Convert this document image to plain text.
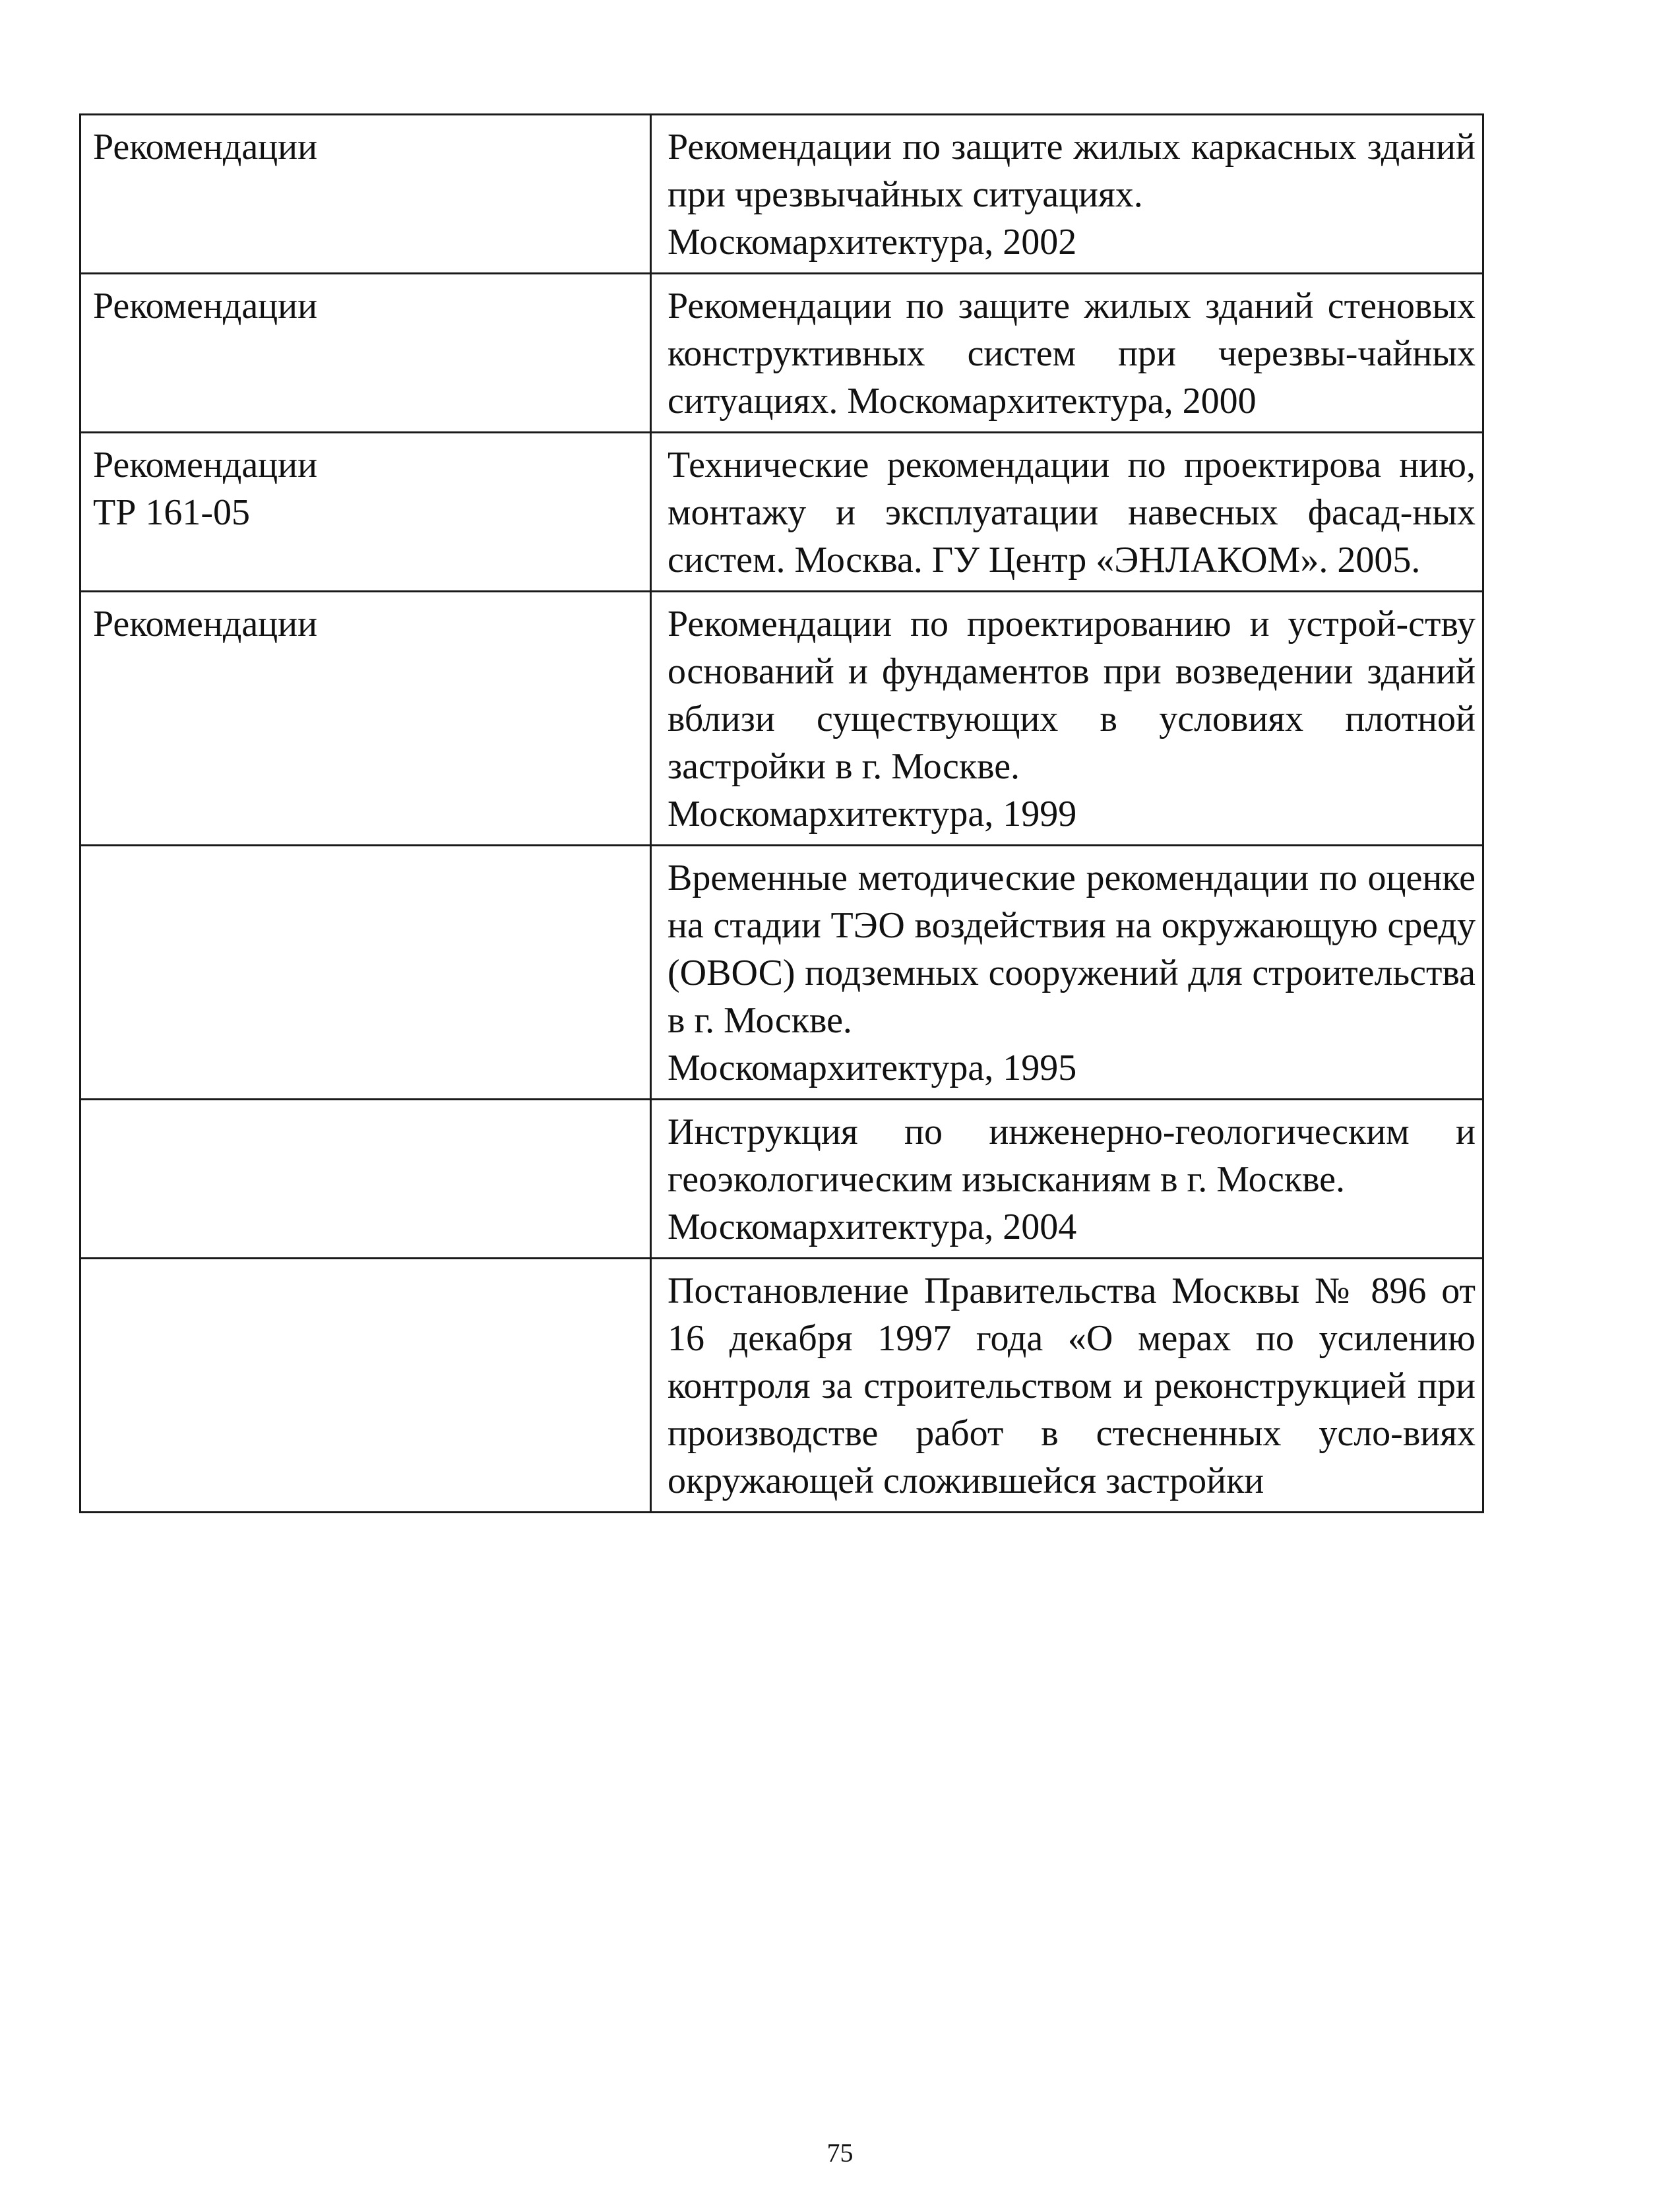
Рекомендации	Рекомендации по защите жилых каркасных зданий при чрезвычайных ситуациях.
Москомархитектура, 2002

Рекомендации	Рекомендации по защите жилых зданий стеновых конструктивных систем при черезвы-чайных ситуациях. Москомархитектура, 2000

Рекомендации
ТР 161-05	Технические рекомендации по проектирова нию, монтажу и эксплуатации навесных фасад-ных систем. Москва. ГУ Центр «ЭНЛАКОМ». 2005.

Рекомендации	Рекомендации по проектированию и устрой-ству оснований и фундаментов при возведении зданий вблизи существующих в условиях плотной застройки в г. Москве.
Москомархитектура, 1999

	Временные методические рекомендации по оценке на стадии ТЭО воздействия на окружающую среду (ОВОС) подземных сооружений для строительства в г. Москве.
Москомархитектура, 1995

	Инструкция по инженерно-геологическим и геоэкологическим изысканиям в г. Москве.
Москомархитектура, 2004

	Постановление Правительства Москвы № 896 от 16 декабря 1997 года «О мерах по усилению контроля за строительством и реконструкцией при производстве работ в стесненных усло-виях окружающей сложившейся застройки
75
